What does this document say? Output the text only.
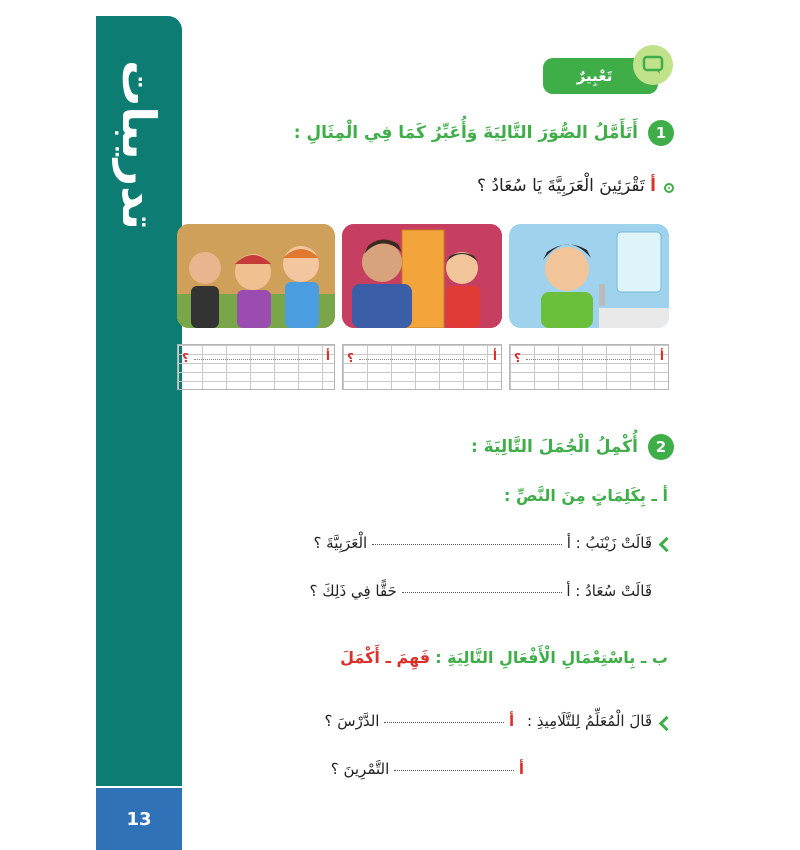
تدريبات
13
تَعْبِيرٌ
1
أَتَأَمَّلُ الصُّوَرَ التَّالِيَةَ وَأُعَبِّرُ كَمَا فِي الْمِثَالِ :
أ تَقْرَئِينَ الْعَرَبِيَّةَ يَا سُعَادُ ؟
أ
؟
أ
؟
أ
؟
2
أُكْمِلُ الْجُمَلَ التَّالِيَةَ :
أ ـ بِكَلِمَاتٍ مِنَ النَّصِّ :
قَالَتْ زَيْنَبُ : أ  الْعَرَبِيَّةَ ؟
قَالَتْ سُعَادُ : أ  حَقًّا فِي ذَلِكَ ؟
ب ـ بِاسْتِعْمَالِ الْأَفْعَالِ التَّالِيَةِ : فَهِمَ ـ أَكْمَلَ
قَالَ الْمُعَلِّمُ لِلتَّلَامِيذِ : أ  الدَّرْسَ ؟
أ  التَّمْرِينَ ؟
